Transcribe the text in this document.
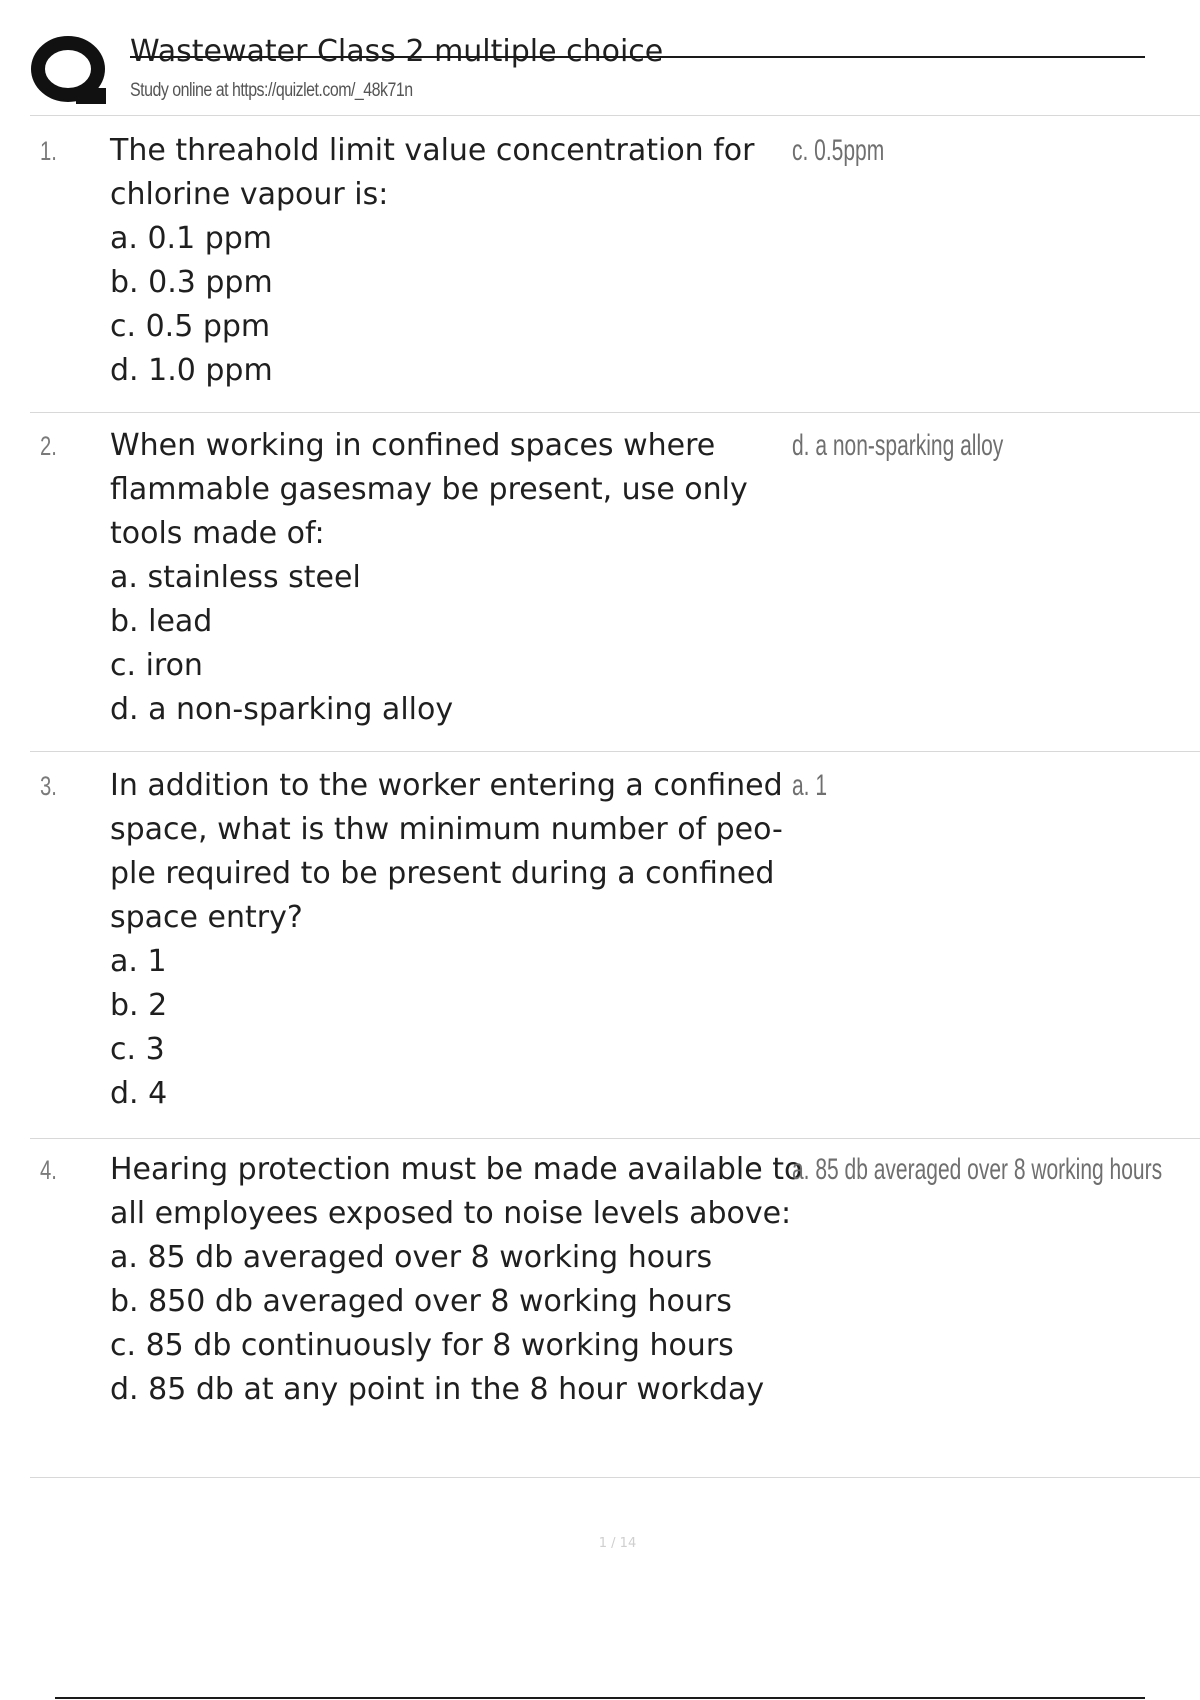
Wastewater Class 2 multiple choice
Study online at https://quizlet.com/_48k71n
1. The threahold limit value concentration for chlorine vapour is:
a. 0.1 ppm
b. 0.3 ppm
c. 0.5 ppm
d. 1.0 ppm
c. 0.5ppm
2. When working in confined spaces where flammable gasesmay be present, use only tools made of:
a. stainless steel
b. lead
c. iron
d. a non-sparking alloy
d. a non-sparking alloy
3. In addition to the worker entering a confined space, what is thw minimum number of peo-ple required to be present during a confined space entry?
a. 1
b. 2
c. 3
d. 4
a. 1
4. Hearing protection must be made available to all employees exposed to noise levels above:
a. 85 db averaged over 8 working hours
b. 850 db averaged over 8 working hours
c. 85 db continuously for 8 working hours
d. 85 db at any point in the 8 hour workday
a. 85 db averaged over 8 working hours
1 / 14
